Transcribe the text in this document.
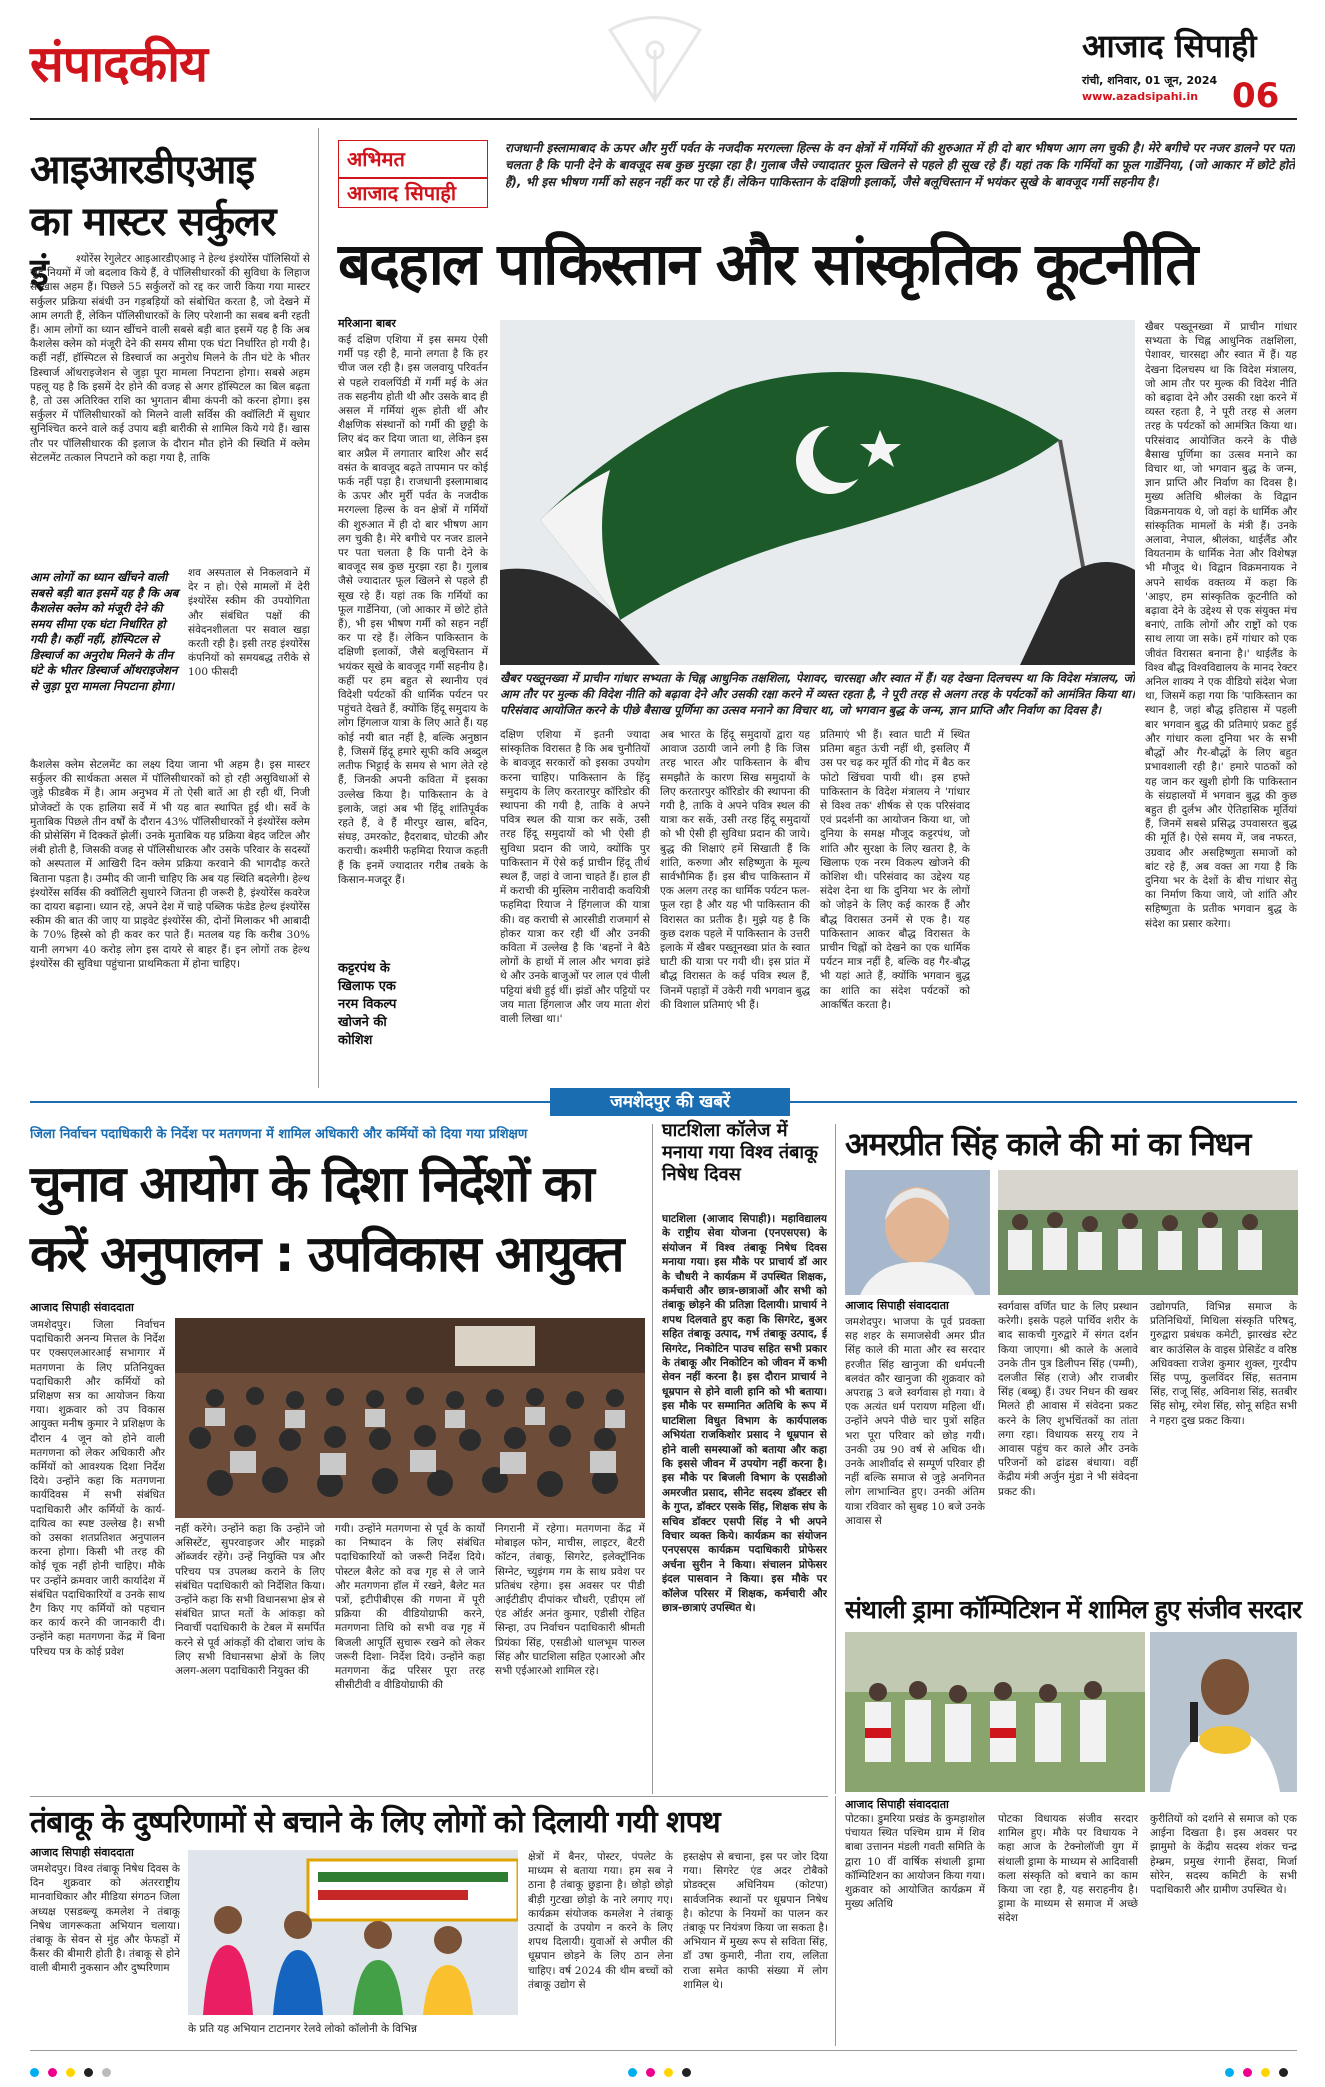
संपादकीय	आजाद सिपाही
रांची, शनिवार, 01 जून, 2024
www.azadsipahi.in 06
आइआरडीएआइ
का मास्टर सर्कुलर
इं	श्योरेंस रेगुलेटर आइआरडीएआइ ने हेल्थ इंश्योरेंस पॉलिसियों से जुड़े नियमों में जो बदलाव किये हैं, वे पॉलिसीधारकों की सुविधा के लिहाज से खास अहम हैं। पिछले 55 सर्कुलरों को रद्द कर जारी किया गया मास्टर सर्कुलर प्रक्रिया संबंधी उन गड़बड़ियों को संबोधित करता है, जो देखने में आम लगती हैं, लेकिन पॉलिसीधारकों के लिए परेशानी का सबब बनी रहती हैं। आम लोगों का ध्यान खींचने वाली सबसे बड़ी बात इसमें यह है कि अब कैशलेस क्लेम को मंजूरी देने की समय सीमा एक घंटा निर्धारित हो गयी है। कहीं नहीं, हॉस्पिटल से डिस्चार्ज का अनुरोध मिलने के तीन घंटे के भीतर डिस्चार्ज ऑथराइजेशन से जुड़ा पूरा मामला निपटाना होगा। सबसे अहम पहलू यह है कि इसमें देर होने की वजह से अगर हॉस्पिटल का बिल बढ़ता है, तो उस अतिरिक्त राशि का भुगतान बीमा कंपनी को करना होगा। इस सर्कुलर में पॉलिसीधारकों को मिलने वाली सर्विस की क्वॉलिटी में सुधार सुनिश्चित करने वाले कई उपाय बड़ी बारीकी से शामिल किये गये हैं। खास तौर पर पॉलिसीधारक की इलाज के दौरान मौत होने की स्थिति में क्लेम सेटलमेंट तत्काल निपटाने को कहा गया है, ताकि
आम लोगों का ध्यान खींचने वाली सबसे बड़ी बात इसमें यह है कि अब कैशलेस क्लेम को मंजूरी देने की समय सीमा एक घंटा निर्धारित हो गयी है। कहीं नहीं, हॉस्पिटल से डिस्चार्ज का अनुरोध मिलने के तीन घंटे के भीतर डिस्चार्ज ऑथराइजेशन से जुड़ा पूरा मामला निपटाना होगा।
शव अस्पताल से निकलवाने में देर न हो। ऐसे मामलों में देरी इंश्योरेंस स्कीम की उपयोगिता और संबंधित पक्षों की संवेदनशीलता पर सवाल खड़ा करती रही है। इसी तरह इंश्योरेंस कंपनियों को समयबद्ध तरीके से 100 फीसदी
कैशलेस क्लेम सेटलमेंट का लक्ष्य दिया जाना भी अहम है। इस मास्टर सर्कुलर की सार्थकता असल में पॉलिसीधारकों को हो रही असुविधाओं से जुड़े फीडबैक में है। आम अनुभव में तो ऐसी बातें आ ही रही थीं, निजी प्रोजेक्टों के एक हालिया सर्वे में भी यह बात स्थापित हुई थी। सर्वे के मुताबिक पिछले तीन वर्षों के दौरान 43% पॉलिसीधारकों ने इंश्योरेंस क्लेम की प्रोसेसिंग में दिक्कतें झेलीं। उनके मुताबिक यह प्रक्रिया बेहद जटिल और लंबी होती है, जिसकी वजह से पॉलिसीधारक और उसके परिवार के सदस्यों को अस्पताल में आखिरी दिन क्लेम प्रक्रिया करवाने की भागदौड़ करते बिताना पड़ता है। उम्मीद की जानी चाहिए कि अब यह स्थिति बदलेगी। हेल्थ इंश्योरेंस सर्विस की क्वॉलिटी सुधारने जितना ही जरूरी है, इंश्योरेंस कवरेज का दायरा बढ़ाना। ध्यान रहे, अपने देश में चाहे पब्लिक फंडेड हेल्थ इंश्योरेंस स्कीम की बात की जाए या प्राइवेट इंश्योरेंस की, दोनों मिलाकर भी आबादी के 70% हिस्से को ही कवर कर पाते हैं। मतलब यह कि करीब 30% यानी लगभग 40 करोड़ लोग इस दायरे से बाहर हैं। इन लोगों तक हेल्थ इंश्योरेंस की सुविधा पहुंचाना प्राथमिकता में होना चाहिए।
अभिमत
आजाद सिपाही
राजधानी इस्लामाबाद के ऊपर और मुर्री पर्वत के नजदीक मरगल्ला हिल्स के वन क्षेत्रों में गर्मियों की शुरुआत में ही दो बार भीषण आग लग चुकी है। मेरे बगीचे पर नजर डालने पर पता चलता है कि पानी देने के बावजूद सब कुछ मुरझा रहा है। गुलाब जैसे ज्यादातर फूल खिलने से पहले ही सूख रहे हैं। यहां तक कि गर्मियों का फूल गार्डेनिया, (जो आकार में छोटे होते हैं), भी इस भीषण गर्मी को सहन नहीं कर पा रहे हैं। लेकिन पाकिस्तान के दक्षिणी इलाकों, जैसे बलूचिस्तान में भयंकर सूखे के बावजूद गर्मी सहनीय है।
बदहाल पाकिस्तान और सांस्कृतिक कूटनीति
मरिआना बाबर
कई दक्षिण एशिया में इस समय ऐसी गर्मी पड़ रही है, मानो लगता है कि हर चीज जल रही है। इस जलवायु परिवर्तन से पहले रावलपिंडी में गर्मी मई के अंत तक सहनीय होती थी और उसके बाद ही असल में गर्मियां शुरू होती थीं और शैक्षणिक संस्थानों को गर्मी की छुट्टी के लिए बंद कर दिया जाता था, लेकिन इस बार अप्रैल में लगातार बारिश और सर्द वसंत के बावजूद बढ़ते तापमान पर कोई फर्क नहीं पड़ा है। राजधानी इस्लामाबाद के ऊपर और मुर्री पर्वत के नजदीक मरगल्ला हिल्स के वन क्षेत्रों में गर्मियों की शुरुआत में ही दो बार भीषण आग लग चुकी है। मेरे बगीचे पर नजर डालने पर पता चलता है कि पानी देने के बावजूद सब कुछ मुरझा रहा है। गुलाब जैसे ज्यादातर फूल खिलने से पहले ही सूख रहे हैं। यहां तक कि गर्मियों का फूल गार्डेनिया, (जो आकार में छोटे होते हैं), भी इस भीषण गर्मी को सहन नहीं कर पा रहे हैं। लेकिन पाकिस्तान के दक्षिणी इलाकों, जैसे बलूचिस्तान में भयंकर सूखे के बावजूद गर्मी सहनीय है। कहीं पर हम बहुत से स्थानीय एवं विदेशी पर्यटकों की धार्मिक पर्यटन पर पहुंचते देखते हैं, क्योंकि हिंदू समुदाय के लोग हिंगलाज यात्रा के लिए आते हैं। यह कोई नयी बात नहीं है, बल्कि अनुष्ठान है, जिसमें हिंदू हमारे सूफी कवि अब्दुल लतीफ भिट्टाई के समय से भाग लेते रहे हैं, जिनकी अपनी कविता में इसका उल्लेख किया है। पाकिस्तान के वे इलाके, जहां अब भी हिंदू शांतिपूर्वक रहते हैं, वे हैं मीरपुर खास, बदिन, संघड़, उमरकोट, हैदराबाद, घोटकी और कराची। कश्मीरी फहमिदा रियाज कहती हैं कि इनमें ज्यादातर गरीब तबके के किसान-मजदूर हैं।
कट्टरपंथ के खिलाफ एक नरम विकल्प खोजने की कोशिश
खैबर पख्तूनख्वा में प्राचीन गांधार सभ्यता के चिह्न आधुनिक तक्षशिला, पेशावर, चारसद्दा और स्वात में हैं। यह देखना दिलचस्प था कि विदेश मंत्रालय, जो आम तौर पर मुल्क की विदेश नीति को बढ़ावा देने और उसकी रक्षा करने में व्यस्त रहता है, ने पूरी तरह से अलग तरह के पर्यटकों को आमंत्रित किया था। परिसंवाद आयोजित करने के पीछे बैसाख पूर्णिमा का उत्सव मनाने का विचार था, जो भगवान बुद्ध के जन्म, ज्ञान प्राप्ति और निर्वाण का दिवस है।
दक्षिण एशिया में इतनी ज्यादा सांस्कृतिक विरासत है कि अब चुनौतियों के बावजूद सरकारों को इसका उपयोग करना चाहिए। पाकिस्तान के हिंदू समुदाय के लिए करतारपुर कॉरिडोर की स्थापना की गयी है, ताकि वे अपने पवित्र स्थल की यात्रा कर सकें, उसी तरह हिंदू समुदायों को भी ऐसी ही सुविधा प्रदान की जाये, क्योंकि पुर पाकिस्तान में ऐसे कई प्राचीन हिंदू तीर्थ स्थल हैं, जहां वे जाना चाहते हैं। हाल ही में कराची की मुस्लिम नारीवादी कवयित्री फहमिदा रियाज ने हिंगलाज की यात्रा की। वह कराची से आरसीडी राजमार्ग से होकर यात्रा कर रही थीं और उनकी कविता में उल्लेख है कि 'बहनों ने बैठे लोगों के हाथों में लाल और भगवा झंडे थे और उनके बाजुओं पर लाल एवं पीली पट्टियां बंधी हुई थीं। झंडों और पट्टियों पर जय माता हिंगलाज और जय माता शेरां वाली लिखा था।'
अब भारत के हिंदू समुदायों द्वारा यह आवाज उठायी जाने लगी है कि जिस तरह भारत और पाकिस्तान के बीच समझौते के कारण सिख समुदायों के लिए करतारपुर कॉरिडोर की स्थापना की गयी है, ताकि वे अपने पवित्र स्थल की यात्रा कर सकें, उसी तरह हिंदू समुदायों को भी ऐसी ही सुविधा प्रदान की जाये। बुद्ध की शिक्षाएं हमें सिखाती हैं कि शांति, करुणा और सहिष्णुता के मूल्य सार्वभौमिक हैं। इस बीच पाकिस्तान में एक अलग तरह का धार्मिक पर्यटन फल-फूल रहा है और यह भी पाकिस्तान की विरासत का प्रतीक है। मुझे यह है कि कुछ दशक पहले में पाकिस्तान के उत्तरी इलाके में खैबर पख्तूनख्वा प्रांत के स्वात घाटी की यात्रा पर गयी थी। इस प्रांत में बौद्ध विरासत के कई पवित्र स्थल हैं, जिनमें पहाड़ों में उकेरी गयी भगवान बुद्ध की विशाल प्रतिमाएं भी हैं।
प्रतिमाएं भी हैं। स्वात घाटी में स्थित प्रतिमा बहुत ऊंची नहीं थी, इसलिए मैं उस पर चढ़ कर मूर्ति की गोद में बैठ कर फोटो खिंचवा पायी थी। इस हफ्ते पाकिस्तान के विदेश मंत्रालय ने 'गांधार से विश्व तक' शीर्षक से एक परिसंवाद एवं प्रदर्शनी का आयोजन किया था, जो दुनिया के समक्ष मौजूद कट्टरपंथ, जो शांति और सुरक्षा के लिए खतरा है, के खिलाफ एक नरम विकल्प खोजने की कोशिश थी। परिसंवाद का उद्देश्य यह संदेश देना था कि दुनिया भर के लोगों को जोड़ने के लिए कई कारक हैं और बौद्ध विरासत उनमें से एक है। यह पाकिस्तान आकर बौद्ध विरासत के प्राचीन चिह्नों को देखने का एक धार्मिक पर्यटन मात्र नहीं है, बल्कि वह गैर-बौद्ध भी यहां आते हैं, क्योंकि भगवान बुद्ध का शांति का संदेश पर्यटकों को आकर्षित करता है।
खैबर पख्तूनख्वा में प्राचीन गांधार सभ्यता के चिह्न आधुनिक तक्षशिला, पेशावर, चारसद्दा और स्वात में हैं। यह देखना दिलचस्प था कि विदेश मंत्रालय, जो आम तौर पर मुल्क की विदेश नीति को बढ़ावा देने और उसकी रक्षा करने में व्यस्त रहता है, ने पूरी तरह से अलग तरह के पर्यटकों को आमंत्रित किया था। परिसंवाद आयोजित करने के पीछे बैसाख पूर्णिमा का उत्सव मनाने का विचार था, जो भगवान बुद्ध के जन्म, ज्ञान प्राप्ति और निर्वाण का दिवस है। मुख्य अतिथि श्रीलंका के विद्वान विक्रमनायक थे, जो वहां के धार्मिक और सांस्कृतिक मामलों के मंत्री हैं। उनके अलावा, नेपाल, श्रीलंका, थाईलैंड और वियतनाम के धार्मिक नेता और विशेषज्ञ भी मौजूद थे। विद्वान विक्रमनायक ने अपने सार्थक वक्तव्य में कहा कि 'आइए, हम सांस्कृतिक कूटनीति को बढ़ावा देने के उद्देश्य से एक संयुक्त मंच बनाएं, ताकि लोगों और राष्ट्रों को एक साथ लाया जा सके। हमें गांधार को एक जीवंत विरासत बनाना है।' थाईलैंड के विश्व बौद्ध विश्वविद्यालय के मानद रेक्टर अनिल शाक्य ने एक वीडियो संदेश भेजा था, जिसमें कहा गया कि 'पाकिस्तान का स्थान है, जहां बौद्ध इतिहास में पहली बार भगवान बुद्ध की प्रतिमाएं प्रकट हुई और गांधार कला दुनिया भर के सभी बौद्धों और गैर-बौद्धों के लिए बहुत प्रभावशाली रही है।' हमारे पाठकों को यह जान कर खुशी होगी कि पाकिस्तान के संग्रहालयों में भगवान बुद्ध की कुछ बहुत ही दुर्लभ और ऐतिहासिक मूर्तियां हैं, जिनमें सबसे प्रसिद्ध उपवासरत बुद्ध की मूर्ति है। ऐसे समय में, जब नफरत, उग्रवाद और असहिष्णुता समाजों को बांट रहे हैं, अब वक्त आ गया है कि दुनिया भर के देशों के बीच गांधार सेतु का निर्माण किया जाये, जो शांति और सहिष्णुता के प्रतीक भगवान बुद्ध के संदेश का प्रसार करेगा।
जमशेदपुर की खबरें
जिला निर्वाचन पदाधिकारी के निर्देश पर मतगणना में शामिल अधिकारी और कर्मियों को दिया गया प्रशिक्षण
चुनाव आयोग के दिशा निर्देशों का
करें अनुपालन : उपविकास आयुक्त
आजाद सिपाही संवाददाता
जमशेदपुर। जिला निर्वाचन पदाधिकारी अनन्य मित्तल के निर्देश पर एक्सएलआरआई सभागार में मतगणना के लिए प्रतिनियुक्त पदाधिकारी और कर्मियों को प्रशिक्षण सत्र का आयोजन किया गया। शुक्रवार को उप विकास आयुक्त मनीष कुमार ने प्रशिक्षण के दौरान 4 जून को होने वाली मतगणना को लेकर अधिकारी और कर्मियों को आवश्यक दिशा निर्देश दिये। उन्होंने कहा कि मतगणना कार्यदिवस में सभी संबंधित पदाधिकारी और कर्मियों के कार्य-दायित्व का स्पष्ट उल्लेख है। सभी को उसका शतप्रतिशत अनुपालन करना होगा। किसी भी तरह की कोई चूक नहीं होनी चाहिए। मौके पर उन्होंने क्रमवार जारी कार्यादेश में संबंधित पदाधिकारियों व उनके साथ टैग किए गए कर्मियों को पहचान कर कार्य करने की जानकारी दी। उन्होंने कहा मतगणना केंद्र में बिना परिचय पत्र के कोई प्रवेश
नहीं करेंगे। उन्होंने कहा कि उन्होंने जो असिस्टेंट, सुपरवाइजर और माइक्रो ऑब्जर्वर रहेंगे। उन्हें नियुक्ति पत्र और परिचय पत्र उपलब्ध कराने के लिए संबंधित पदाधिकारी को निर्देशित किया। उन्होंने कहा कि सभी विधानसभा क्षेत्र से संबंधित प्राप्त मतों के आंकड़ा को निवार्ची पदाधिकारी के टेबल में समर्पित करने से पूर्व आंकड़ों की दोबारा जांच के लिए सभी विधानसभा क्षेत्रों के लिए अलग-अलग पदाधिकारी नियुक्त की
गयी। उन्होंने मतगणना से पूर्व के कार्यों का निष्पादन के लिए संबंधित पदाधिकारियों को जरूरी निर्देश दिये। पोस्टल बैलेट को वज्र गृह से ले जाने और मतगणना हॉल में रखने, बैलेट मत पत्रों, इटीपीबीएस की गणना में पूरी प्रक्रिया की वीडियोग्राफी करने, मतगणना तिथि को सभी वज्र गृह में बिजली आपूर्ति सुचारू रखने को लेकर जरूरी दिशा- निर्देश दिये। उन्होंने कहा मतगणना केंद्र परिसर पूरा तरह सीसीटीवी व वीडियोग्राफी की
निगरानी में रहेगा। मतगणना केंद्र में मोबाइल फोन, माचीस, लाइटर, बैटरी कॉटन, तंबाकू, सिगरेट, इलेक्ट्रॉनिक सिग्नेट, च्युइंगम गम के साथ प्रवेश पर प्रतिबंध रहेगा। इस अवसर पर पीडी आईटीडीए दीपांकर चौधरी, एडीएम लॉ एंड ऑर्डर अनंत कुमार, एडीसी रोहित सिन्हा, उप निर्वाचन पदाधिकारी श्रीमती प्रियंका सिंह, एसडीओ धालभूम पारुल सिंह और घाटशिला सहित एआरओ और सभी एईआरओ शामिल रहे।
घाटशिला कॉलेज में मनाया गया विश्व तंबाकू निषेध दिवस
घाटशिला (आजाद सिपाही)। महाविद्यालय के राष्ट्रीय सेवा योजना (एनएसएस) के संयोजन में विश्व तंबाकू निषेध दिवस मनाया गया। इस मौके पर प्राचार्य डॉ आर के चौधरी ने कार्यक्रम में उपस्थित शिक्षक, कर्मचारी और छात्र-छात्राओं और सभी को तंबाकू छोड़ने की प्रतिज्ञा दिलायी। प्राचार्य ने शपथ दिलवाते हुए कहा कि सिगरेट, बुअर सहित तंबाकू उत्पाद, गर्भ तंबाकू उत्पाद, ई सिगरेट, निकोटिन पाउच सहित सभी प्रकार के तंबाकू और निकोटिन को जीवन में कभी सेवन नहीं करना है। इस दौरान प्राचार्य ने धूम्रपान से होने वाली हानि को भी बताया। इस मौके पर सम्मानित अतिथि के रूप में घाटशिला विधुत विभाग के कार्यपालक अभियंता राजकिशोर प्रसाद ने धूम्रपान से होने वाली समस्याओं को बताया और कहा कि इससे जीवन में उपयोग नहीं करना है। इस मौके पर बिजली विभाग के एसडीओ अमरजीत प्रसाद, सीनेट सदस्य डॉक्टर सी के गुप्त, डॉक्टर एसके सिंह, शिक्षक संघ के सचिव डॉक्टर एसपी सिंह ने भी अपने विचार व्यक्त किये। कार्यक्रम का संयोजन एनएसएस कार्यक्रम पदाधिकारी प्रोफेसर अर्चना सुरीन ने किया। संचालन प्रोफेसर इंदल पासवान ने किया। इस मौके पर कॉलेज परिसर में शिक्षक, कर्मचारी और छात्र-छात्राएं उपस्थित थे।
अमरप्रीत सिंह काले की मां का निधन
आजाद सिपाही संवाददाता
जमशेदपुर। भाजपा के पूर्व प्रवक्ता सह शहर के समाजसेवी अमर प्रीत सिंह काले की माता और स्व सरदार हरजीत सिंह खानुजा की धर्मपत्नी बलवंत कौर खानुजा की शुक्रवार को अपराह्न 3 बजे स्वर्गवास हो गया। वे एक अत्यंत धर्म परायण महिला थीं। उन्होंने अपने पीछे चार पुत्रों सहित भरा पूरा परिवार को छोड़ गयी। उनकी उम्र 90 वर्ष से अधिक थी। उनके आशीर्वाद से सम्पूर्ण परिवार ही नहीं बल्कि समाज से जुड़े अनगिनत लोग लाभान्वित हुए। उनकी अंतिम यात्रा रविवार को सुबह 10 बजे उनके आवास से
स्वर्गवास वर्णित घाट के लिए प्रस्थान करेगी। इसके पहले पार्थिव शरीर के बाद साकची गुरुद्वारे में संगत दर्शन किया जाएगा। श्री काले के अलावे उनके तीन पुत्र डिलीपन सिंह (पम्मी), दलजीत सिंह (राजे) और राजबीर सिंह (बब्बू) हैं। उधर निधन की खबर मिलते ही आवास में संवेदना प्रकट करने के लिए शुभचिंतकों का तांता लगा रहा। विधायक सरयू राय ने आवास पहुंच कर काले और उनके परिजनों को ढांढस बंधाया। वहीं केंद्रीय मंत्री अर्जुन मुंडा ने भी संवेदना प्रकट की।
उद्योगपति, विभिन्न समाज के प्रतिनिधियों, मिथिला संस्कृति परिषद्, गुरुद्वारा प्रबंधक कमेटी, झारखंड स्टेट बार काउंसिल के वाइस प्रेसिडेंट व वरिष्ठ अधिवक्ता राजेश कुमार शुक्ल, गुरदीप सिंह पप्पू, कुलविंदर सिंह, सतनाम सिंह, राजू सिंह, अविनाश सिंह, सतबीर सिंह सोमू, रमेश सिंह, सोनू सहित सभी ने गहरा दुख प्रकट किया।
संथाली ड्रामा कॉम्पिटिशन में शामिल हुए संजीव सरदार
आजाद सिपाही संवाददाता
पोटका। डुमरिया प्रखंड के कुमड़ाशोल पंचायत स्थित पश्चिम ग्राम में शिव बाबा उत्तानन मंडली गवती समिति के द्वारा 10 वीं वार्षिक संथाली ड्रामा कॉम्पिटिशन का आयोजन किया गया। शुक्रवार को आयोजित कार्यक्रम में मुख्य अतिथि
पोटका विधायक संजीव सरदार शामिल हुए। मौके पर विधायक ने कहा आज के टेक्नोलॉजी युग में संथाली ड्रामा के माध्यम से आदिवासी कला संस्कृति को बचाने का काम किया जा रहा है, यह सराहनीय है। ड्रामा के माध्यम से समाज में अच्छे संदेश
कुरीतियों को दर्शाने से समाज को एक आईना दिखता है। इस अवसर पर झामुमो के केंद्रीय सदस्य शंकर चन्द्र हेम्ब्रम, प्रमुख रंगानी हेंसदा, मिर्जा सोरेन, सदस्य कमिटी के सभी पदाधिकारी और ग्रामीण उपस्थित थे।
तंबाकू के दुष्परिणामों से बचाने के लिए लोगों को दिलायी गयी शपथ
आजाद सिपाही संवाददाता
जमशेदपुर। विश्व तंबाकू निषेध दिवस के दिन शुक्रवार को अंतरराष्ट्रीय मानवाधिकार और मीडिया संगठन जिला अध्यक्ष एसडब्ल्यू कमलेश ने तंबाकू निषेध जागरूकता अभियान चलाया। तंबाकू के सेवन से मुंह और फेफड़ों में कैंसर की बीमारी होती है। तंबाकू से होने वाली बीमारी नुकसान और दुष्परिणाम
के प्रति यह अभियान टाटानगर रेलवे लोको कॉलोनी के विभिन्न
क्षेत्रों में बैनर, पोस्टर, पंपलेट के माध्यम से बताया गया। हम सब ने ठाना है तंबाकू छुड़ाना है। छोड़ो छोड़ो बीड़ी गुटखा छोड़ो के नारे लगाए गए। कार्यक्रम संयोजक कमलेश ने तंबाकू उत्पादों के उपयोग न करने के लिए शपथ दिलायी। युवाओं से अपील की धूम्रपान छोड़ने के लिए ठान लेना चाहिए। वर्ष 2024 की थीम बच्चों को तंबाकू उद्योग से
हस्तक्षेप से बचाना, इस पर जोर दिया गया। सिगरेट एंड अदर टोबैको प्रोडक्ट्स अधिनियम (कोटपा) सार्वजनिक स्थानों पर धूम्रपान निषेध है। कोटपा के नियमों का पालन कर तंबाकू पर नियंत्रण किया जा सकता है। अभियान में मुख्य रूप से सविता सिंह, डॉ उषा कुमारी, नीता राय, ललिता राजा समेत काफी संख्या में लोग शामिल थे।
